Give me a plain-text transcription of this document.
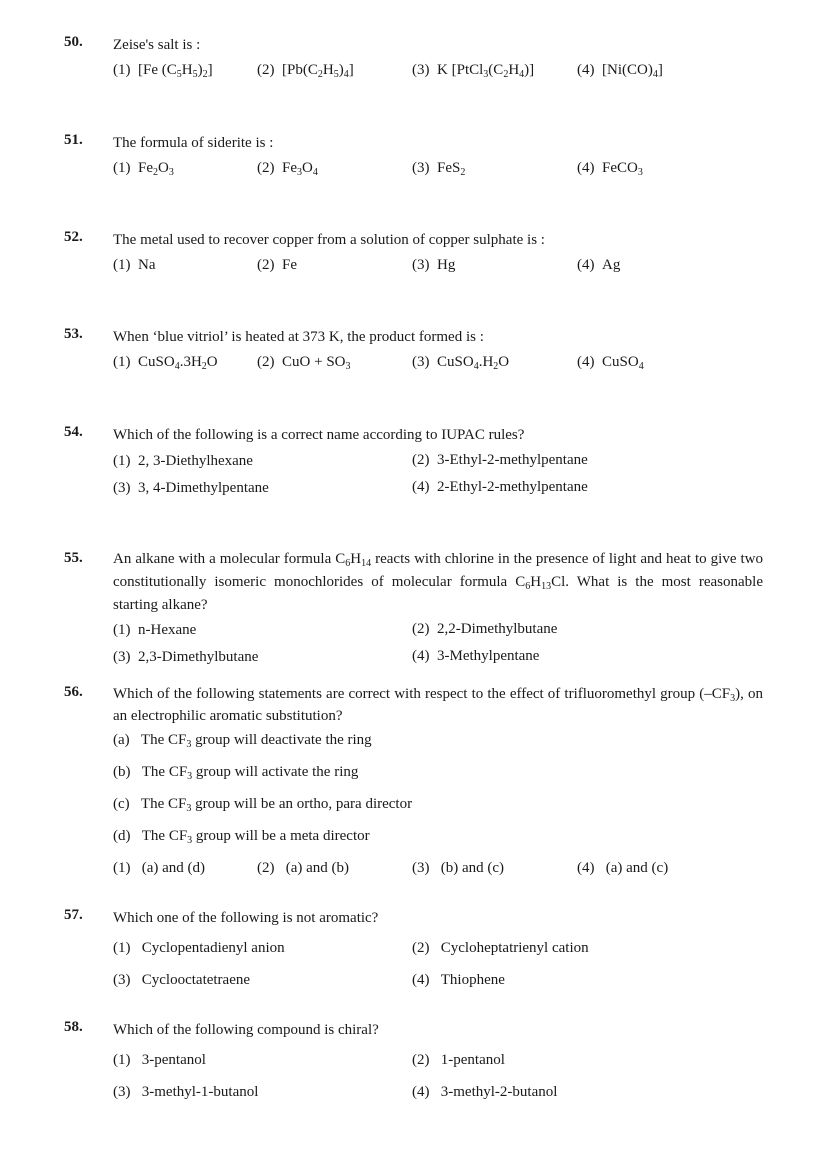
50. Zeise's salt is :
(1) [Fe $(C_5H_5)_2$]	(2) $[Pb(C_2H_5)_4]$	(3) K $[PtCl_3(C_2H_4)]$	(4) $[Ni(CO)_4]$
51. The formula of siderite is :
(1) $Fe_2O_3$	(2) $Fe_3O_4$	(3) FeS$_2$	(4) FeCO$_3$
52. The metal used to recover copper from a solution of copper sulphate is :
(1) Na	(2) Fe	(3) Hg	(4) Ag
53. When ‘blue vitriol’ is heated at 373 K, the product formed is :
(1) $CuSO_4.3H_2O$	(2) CuO + $SO_3$	(3) $CuSO_4.H_2O$	(4) CuSO$_4$
54. Which of the following is a correct name according to IUPAC rules?
(1) 2, 3-Diethylhexane	(2) 3-Ethyl-2-methylpentane
(3) 3, 4-Dimethylpentane	(4) 2-Ethyl-2-methylpentane
55. An alkane with a molecular formula $C_6H_{14}$ reacts with chlorine in the presence of light and heat to give two constitutionally isomeric monochlorides of molecular formula $C_6H_{13}Cl$. What is the most reasonable starting alkane?
(1) n-Hexane	(2) 2,2-Dimethylbutane
(3) 2,3-Dimethylbutane	(4) 3-Methylpentane
56. Which of the following statements are correct with respect to the effect of trifluoromethyl group $(-CF_3)$, on an electrophilic aromatic substitution?
(a) The $CF_3$ group will deactivate the ring
(b) The $CF_3$ group will activate the ring
(c) The $CF_3$ group will be an ortho, para director
(d) The $CF_3$ group will be a meta director
(1) (a) and (d)	(2) (a) and (b)	(3) (b) and (c)	(4) (a) and (c)
57. Which one of the following is not aromatic?
(1) Cyclopentadienyl anion	(2) Cycloheptatrienyl cation
(3) Cyclooctatetraene	(4) Thiophene
58. Which of the following compound is chiral?
(1) 3-pentanol	(2) 1-pentanol
(3) 3-methyl-1-butanol	(4) 3-methyl-2-butanol
